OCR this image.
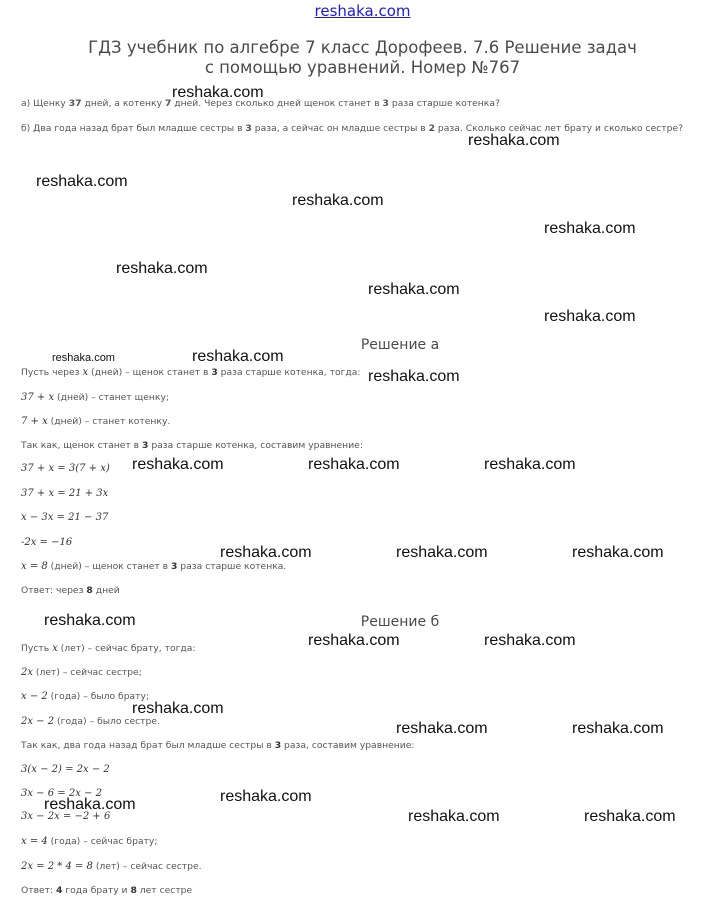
reshaka.com
ГДЗ учебник по алгебре 7 класс Дорофеев. 7.6 Решение задач
с помощью уравнений. Номер №767
а) Щенку 37 дней, а котенку 7 дней. Через сколько дней щенок станет в 3 раза старше котенка?
б) Два года назад брат был младше сестры в 3 раза, а сейчас он младше сестры в 2 раза. Сколько сейчас лет брату и сколько сестре?
Решение а
Пусть через x (дней) – щенок станет в 3 раза старше котенка, тогда:
37 + x (дней) – станет щенку;
7 + x (дней) – станет котенку.
Так как, щенок станет в 3 раза старше котенка, составим уравнение:
37 + x = 3(7 + x)
37 + x = 21 + 3x
x − 3x = 21 − 37
-2x = −16
x = 8 (дней) – щенок станет в 3 раза старше котенка.
Ответ: через 8 дней
Решение б
Пусть x (лет) – сейчас брату, тогда:
2x (лет) – сейчас сестре;
x − 2 (года) – было брату;
2x − 2 (года) – было сестре.
Так как, два года назад брат был младше сестры в 3 раза, составим уравнение:
3(x − 2) = 2x − 2
3x − 6 = 2x − 2
3x − 2x = −2 + 6
x = 4 (года) – сейчас брату;
2x = 2 * 4 = 8 (лет) – сейчас сестре.
Ответ: 4 года брату и 8 лет сестре
reshaka.com
reshaka.com
reshaka.com
reshaka.com
reshaka.com
reshaka.com
reshaka.com
reshaka.com
reshaka.com	reshaka.com
reshaka.com
reshaka.com	reshaka.com	reshaka.com
reshaka.com	reshaka.com	reshaka.com
reshaka.com
reshaka.com	reshaka.com
reshaka.com
reshaka.com	reshaka.com
reshaka.com
reshaka.com
reshaka.com	reshaka.com
